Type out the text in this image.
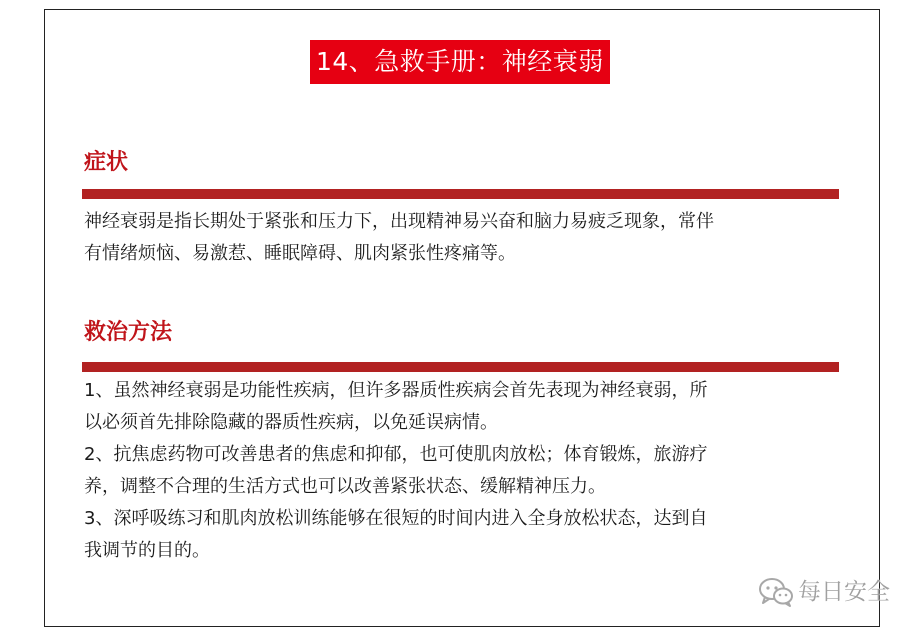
14、急救手册：神经衰弱
症状
神经衰弱是指长期处于紧张和压力下，出现精神易兴奋和脑力易疲乏现象，常伴
有情绪烦恼、易激惹、睡眠障碍、肌肉紧张性疼痛等。
救治方法
1、虽然神经衰弱是功能性疾病，但许多器质性疾病会首先表现为神经衰弱，所
以必须首先排除隐藏的器质性疾病，以免延误病情。
2、抗焦虑药物可改善患者的焦虑和抑郁，也可使肌肉放松；体育锻炼，旅游疗
养，调整不合理的生活方式也可以改善紧张状态、缓解精神压力。
3、深呼吸练习和肌肉放松训练能够在很短的时间内进入全身放松状态，达到自
我调节的目的。
每日安全
